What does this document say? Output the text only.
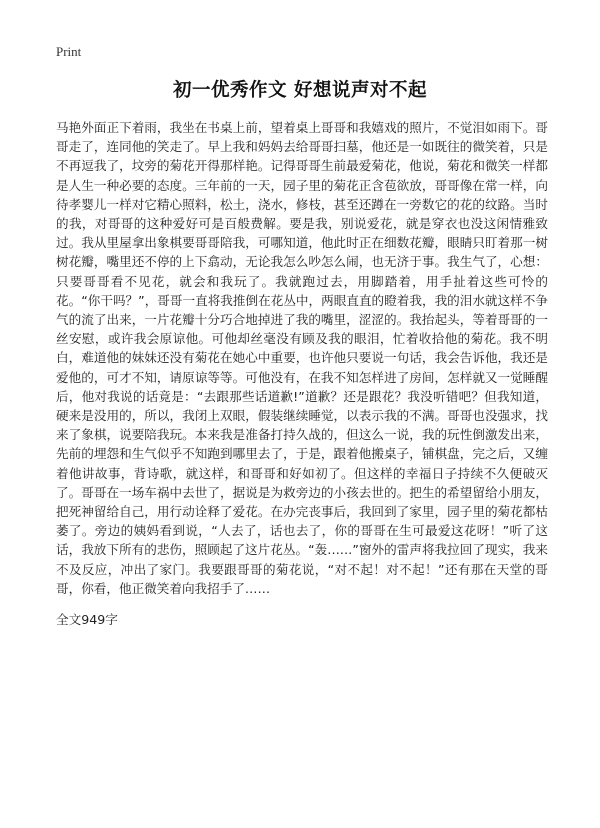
Print
初一优秀作文 好想说声对不起

马艳外面正下着雨，我坐在书桌上前，望着桌上哥哥和我嬉戏的照片，不觉泪如雨下。哥哥走了，连同他的笑走了。早上我和妈妈去给哥哥扫墓，他还是一如既往的微笑着，只是不再逗我了，坟旁的菊花开得那样艳。记得哥哥生前最爱菊花，他说，菊花和微笑一样都是人生一种必要的态度。三年前的一天，园子里的菊花正含苞欲放，哥哥像在常一样，向待孝婴儿一样对它精心照料，松土，浇水，修枝，甚至还蹲在一旁数它的花的纹路。当时的我，对哥哥的这种爱好可是百般费解。要是我，别说爱花，就是穿衣也没这闲情雅致过。我从里屋拿出象棋要哥哥陪我，可哪知道，他此时正在细数花瓣，眼睛只盯着那一树树花瓣，嘴里还不停的上下翕动，无论我怎么吵怎么闹，也无济于事。我生气了，心想：只要哥哥看不见花，就会和我玩了。我就跑过去，用脚踏着，用手扯着这些可怜的花。“你干吗？”，哥哥一直将我推倒在花丛中，两眼直直的瞪着我，我的泪水就这样不争气的流了出来，一片花瓣十分巧合地掉进了我的嘴里，涩涩的。我抬起头，等着哥哥的一丝安慰，或许我会原谅他。可他却丝毫没有顾及我的眼泪，忙着收拾他的菊花。我不明白，难道他的妹妹还没有菊花在她心中重要，也许他只要说一句话，我会告诉他，我还是爱他的，可才不知，请原谅等等。可他没有，在我不知怎样进了房间，怎样就又一觉睡醒后，他对我说的话竟是：“去跟那些话道歉!”道歉？还是跟花？我没听错吧？但我知道，硬来是没用的，所以，我闭上双眼，假装继续睡觉，以表示我的不满。哥哥也没强求，找来了象棋，说要陪我玩。本来我是准备打持久战的，但这么一说，我的玩性倒激发出来，先前的埋怨和生气似乎不知跑到哪里去了，于是，跟着他搬桌子，铺棋盘，完之后，又缠着他讲故事，背诗歌，就这样，和哥哥和好如初了。但这样的幸福日子持续不久便破灭了。哥哥在一场车祸中去世了，据说是为救旁边的小孩去世的。把生的希望留给小朋友，把死神留给自己，用行动诠释了爱花。在办完丧事后，我回到了家里，园子里的菊花都枯萎了。旁边的姨妈看到说，“人去了，话也去了，你的哥哥在生可最爱这花呀！”听了这话，我放下所有的悲伤，照顾起了这片花丛。“轰……”窗外的雷声将我拉回了现实，我来不及反应，冲出了家门。我要跟哥哥的菊花说，“对不起！对不起！”还有那在天堂的哥哥，你看，他正微笑着向我招手了……

全文949字
